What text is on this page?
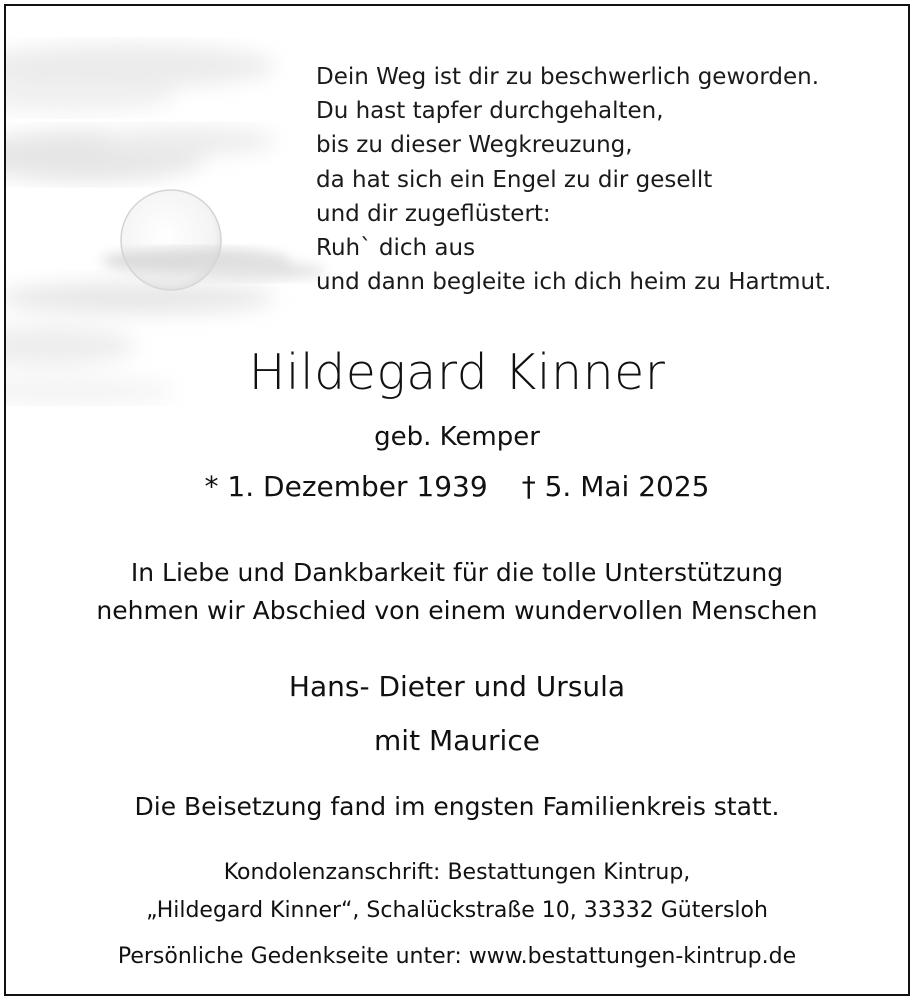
Dein Weg ist dir zu beschwerlich geworden.
Du hast tapfer durchgehalten,
bis zu dieser Wegkreuzung,
da hat sich ein Engel zu dir gesellt
und dir zugeflüstert:
Ruh` dich aus
und dann begleite ich dich heim zu Hartmut.
Hildegard Kinner
geb. Kemper
* 1. Dezember 1939 † 5. Mai 2025
In Liebe und Dankbarkeit für die tolle Unterstützung
nehmen wir Abschied von einem wundervollen Menschen
Hans- Dieter und Ursula
mit Maurice
Die Beisetzung fand im engsten Familienkreis statt.
Kondolenzanschrift: Bestattungen Kintrup,
„Hildegard Kinner“, Schalückstraße 10, 33332 Gütersloh
Persönliche Gedenkseite unter: www.bestattungen-kintrup.de
